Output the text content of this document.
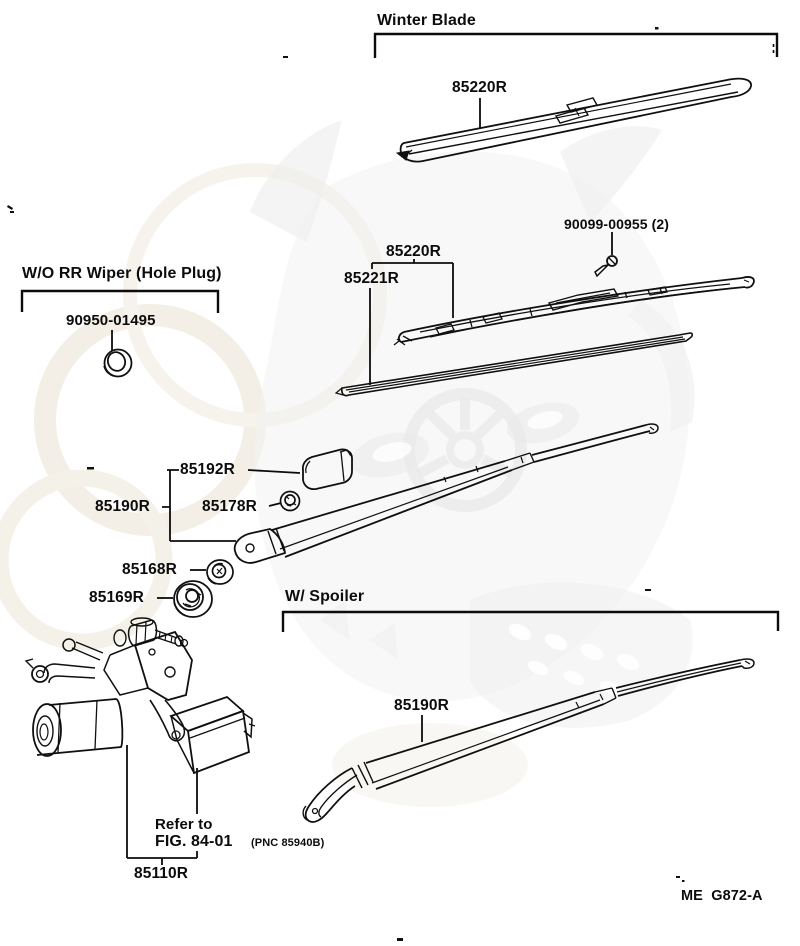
Winter Blade
85220R
90099-00955 (2)
85220R
85221R
W/O RR Wiper (Hole Plug)
90950-01495
85192R
85190R	85178R
85168R
85169R	W/ Spoiler
85190R
Refer to
FIG. 84-01 (PNC 85940B)
85110R
ME  G872-A
